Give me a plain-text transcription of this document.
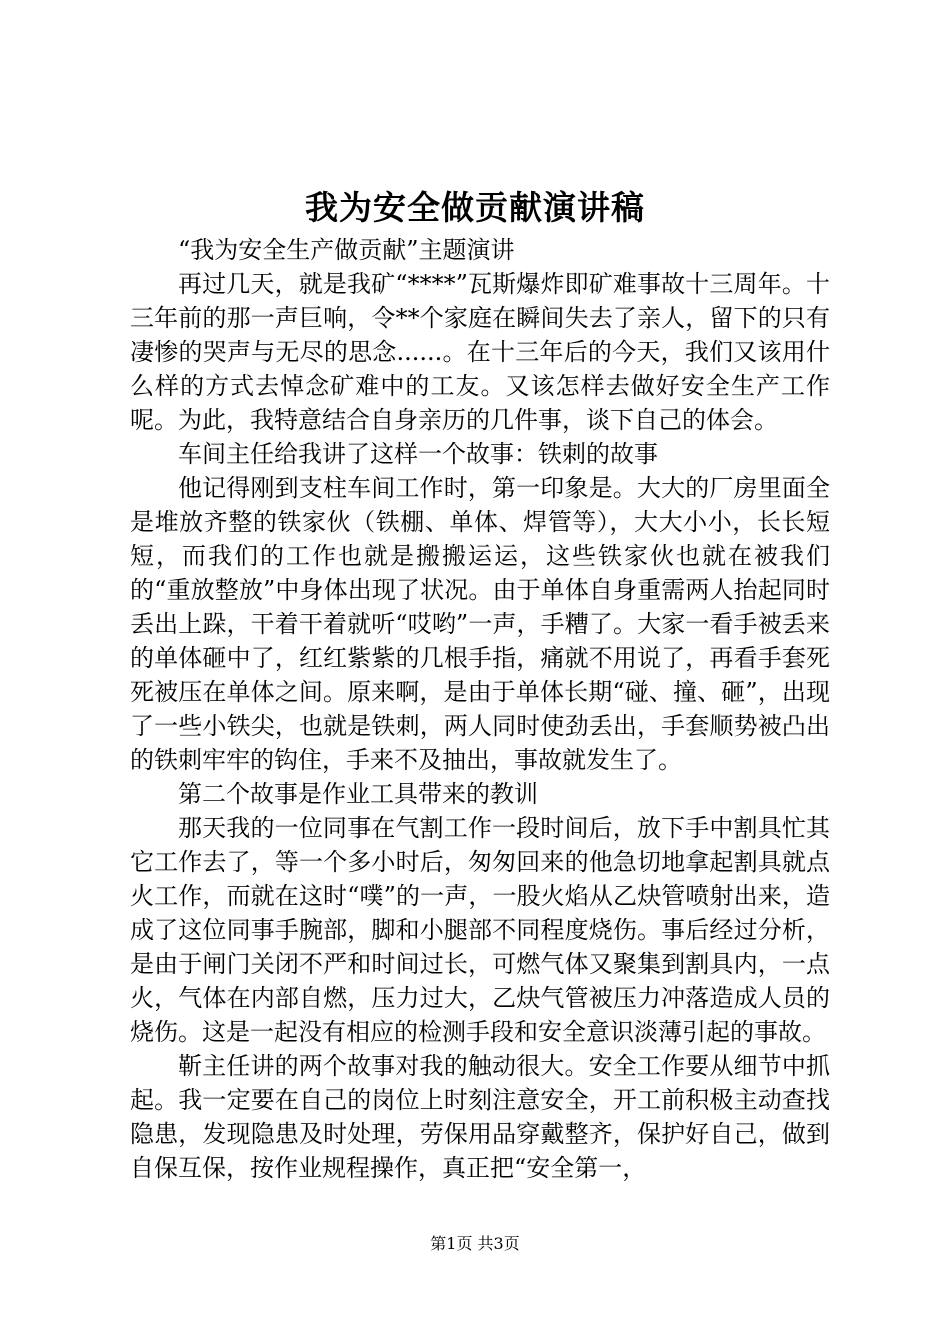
我为安全做贡献演讲稿

“我为安全生产做贡献”主题演讲

再过几天，就是我矿“****”瓦斯爆炸即矿难事故十三周年。十三年前的那一声巨响，令**个家庭在瞬间失去了亲人，留下的只有凄惨的哭声与无尽的思念......。在十三年后的今天，我们又该用什么样的方式去悼念矿难中的工友。又该怎样去做好安全生产工作呢。为此，我特意结合自身亲历的几件事，谈下自己的体会。

车间主任给我讲了这样一个故事：铁刺的故事

他记得刚到支柱车间工作时，第一印象是。大大的厂房里面全是堆放齐整的铁家伙（铁棚、单体、焊管等），大大小小，长长短短，而我们的工作也就是搬搬运运，这些铁家伙也就在被我们的“重放整放”中身体出现了状况。由于单体自身重需两人抬起同时丢出上跺，干着干着就听“哎哟”一声，手糟了。大家一看手被丢来的单体砸中了，红红紫紫的几根手指，痛就不用说了，再看手套死死被压在单体之间。原来啊，是由于单体长期“碰、撞、砸”，出现了一些小铁尖，也就是铁刺，两人同时使劲丢出，手套顺势被凸出的铁刺牢牢的钩住，手来不及抽出，事故就发生了。

第二个故事是作业工具带来的教训

那天我的一位同事在气割工作一段时间后，放下手中割具忙其它工作去了，等一个多小时后，匆匆回来的他急切地拿起割具就点火工作，而就在这时“噗”的一声，一股火焰从乙炔管喷射出来，造成了这位同事手腕部，脚和小腿部不同程度烧伤。事后经过分析，是由于闸门关闭不严和时间过长，可燃气体又聚集到割具内，一点火，气体在内部自燃，压力过大，乙炔气管被压力冲落造成人员的烧伤。这是一起没有相应的检测手段和安全意识淡薄引起的事故。

靳主任讲的两个故事对我的触动很大。安全工作要从细节中抓起。我一定要在自己的岗位上时刻注意安全，开工前积极主动查找隐患，发现隐患及时处理，劳保用品穿戴整齐，保护好自己，做到自保互保，按作业规程操作，真正把“安全第一，

第1页 共3页
